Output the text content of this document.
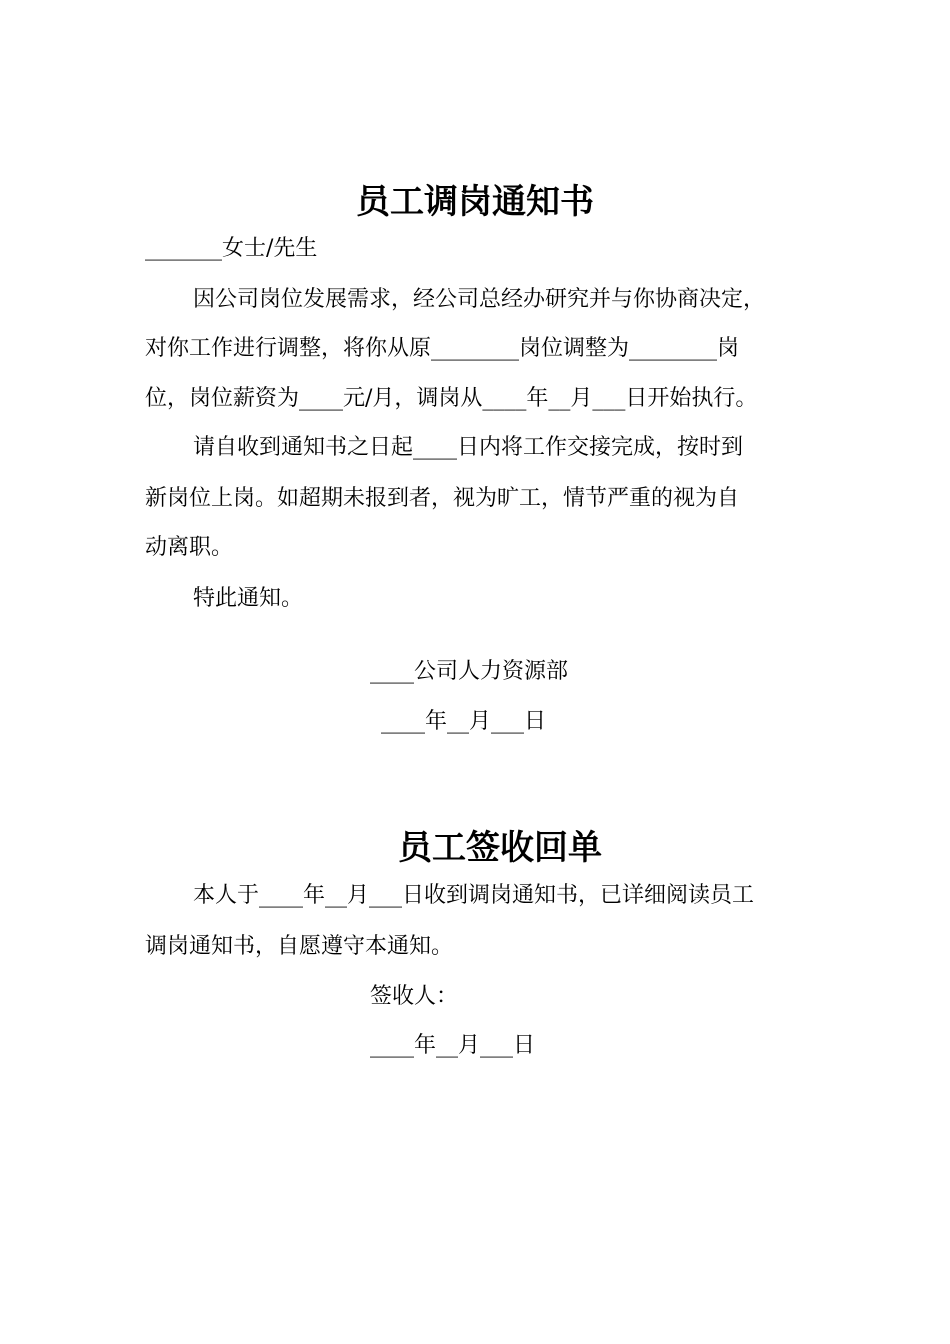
员工调岗通知书
_______女士/先生
因公司岗位发展需求，经公司总经办研究并与你协商决定，
对你工作进行调整，将你从原________岗位调整为________岗
位，岗位薪资为____元/月，调岗从____年__月___日开始执行。
请自收到通知书之日起____日内将工作交接完成，按时到
新岗位上岗。如超期未报到者，视为旷工，情节严重的视为自
动离职。
特此通知。
____公司人力资源部
____年__月___日
员工签收回单
本人于____年__月___日收到调岗通知书，已详细阅读员工
调岗通知书，自愿遵守本通知。
签收人：
____年__月___日
